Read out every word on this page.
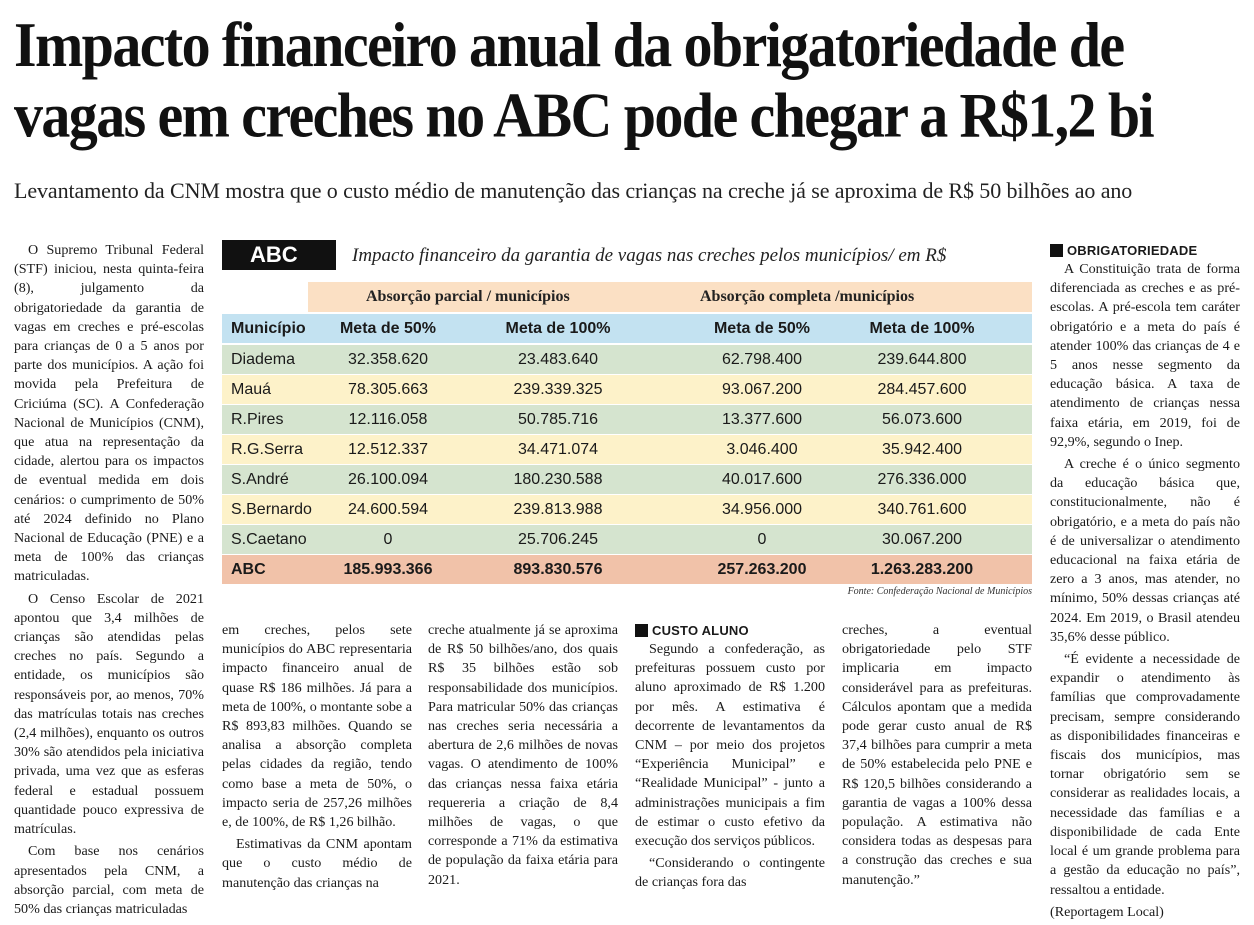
Impacto financeiro anual da obrigatoriedade de
vagas em creches no ABC pode chegar a R$1,2 bi
Levantamento da CNM mostra que o custo médio de manutenção das crianças na creche já se aproxima de R$ 50 bilhões ao ano

O Supremo Tribunal Federal (STF) iniciou, nesta quinta-feira (8), julgamento da obrigatoriedade da garantia de vagas em creches e pré-escolas para crianças de 0 a 5 anos por parte dos municípios. A ação foi movida pela Prefeitura de Criciúma (SC). A Confederação Nacional de Municípios (CNM), que atua na representação da cidade, alertou para os impactos de eventual medida em dois cenários: o cumprimento de 50% até 2024 definido no Plano Nacional de Educação (PNE) e a meta de 100% das crianças matriculadas.

O Censo Escolar de 2021 apontou que 3,4 milhões de crianças são atendidas pelas creches no país. Segundo a entidade, os municípios são responsáveis por, ao menos, 70% das matrículas totais nas creches (2,4 milhões), enquanto os outros 30% são atendidos pela iniciativa privada, uma vez que as esferas federal e estadual possuem quantidade pouco expressiva de matrículas.

Com base nos cenários apresentados pela CNM, a absorção parcial, com meta de 50% das crianças matriculadas

ABC	Impacto financeiro da garantia de vagas nas creches pelos municípios/ em R$
Absorção parcial / municípios	Absorção completa /municípios
Município	Meta de 50%	Meta de 100%	Meta de 50%	Meta de 100%
Diadema	32.358.620	23.483.640	62.798.400	239.644.800
Mauá	78.305.663	239.339.325	93.067.200	284.457.600
R.Pires	12.116.058	50.785.716	13.377.600	56.073.600
R.G.Serra	12.512.337	34.471.074	3.046.400	35.942.400
S.André	26.100.094	180.230.588	40.017.600	276.336.000
S.Bernardo	24.600.594	239.813.988	34.956.000	340.761.600
S.Caetano	0	25.706.245	0	30.067.200
ABC	185.993.366	893.830.576	257.263.200	1.263.283.200
Fonte: Confederação Nacional de Municípios

em creches, pelos sete municípios do ABC representaria impacto financeiro anual de quase R$ 186 milhões. Já para a meta de 100%, o montante sobe a R$ 893,83 milhões. Quando se analisa a absorção completa pelas cidades da região, tendo como base a meta de 50%, o impacto seria de 257,26 milhões e, de 100%, de R$ 1,26 bilhão.

Estimativas da CNM apontam que o custo médio de manutenção das crianças na

creche atualmente já se aproxima de R$ 50 bilhões/ano, dos quais R$ 35 bilhões estão sob responsabilidade dos municípios. Para matricular 50% das crianças nas creches seria necessária a abertura de 2,6 milhões de novas vagas. O atendimento de 100% das crianças nessa faixa etária requereria a criação de 8,4 milhões de vagas, o que corresponde a 71% da estimativa de população da faixa etária para 2021.

CUSTO ALUNO

Segundo a confederação, as prefeituras possuem custo por aluno aproximado de R$ 1.200 por mês. A estimativa é decorrente de levantamentos da CNM – por meio dos projetos “Experiência Municipal” e “Realidade Municipal” - junto a administrações municipais a fim de estimar o custo efetivo da execução dos serviços públicos.

“Considerando o contingente de crianças fora das

creches, a eventual obrigatoriedade pelo STF implicaria em impacto considerável para as prefeituras. Cálculos apontam que a medida pode gerar custo anual de R$ 37,4 bilhões para cumprir a meta de 50% estabelecida pelo PNE e R$ 120,5 bilhões considerando a garantia de vagas a 100% dessa população. A estimativa não considera todas as despesas para a construção das creches e sua manutenção.”

OBRIGATORIEDADE

A Constituição trata de forma diferenciada as creches e as pré-escolas. A pré-escola tem caráter obrigatório e a meta do país é atender 100% das crianças de 4 e 5 anos nesse segmento da educação básica. A taxa de atendimento de crianças nessa faixa etária, em 2019, foi de 92,9%, segundo o Inep.

A creche é o único segmento da educação básica que, constitucionalmente, não é obrigatório, e a meta do país não é de universalizar o atendimento educacional na faixa etária de zero a 3 anos, mas atender, no mínimo, 50% dessas crianças até 2024. Em 2019, o Brasil atendeu 35,6% desse público.

“É evidente a necessidade de expandir o atendimento às famílias que comprovadamente precisam, sempre considerando as disponibilidades financeiras e fiscais dos municípios, mas tornar obrigatório sem se considerar as realidades locais, a necessidade das famílias e a disponibilidade de cada Ente local é um grande problema para a gestão da educação no país”, ressaltou a entidade.

(Reportagem Local)
